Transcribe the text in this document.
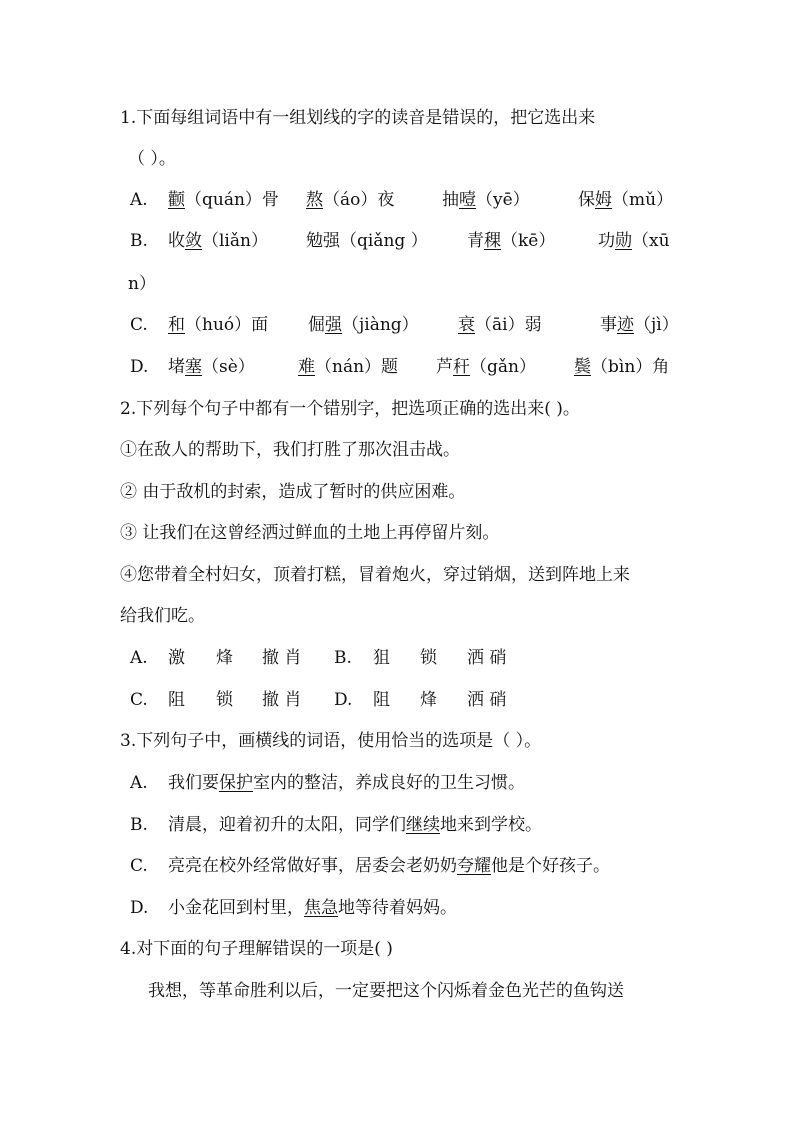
1.下面每组词语中有一组划线的字的读音是错误的，把它选出来
（ ）。
A. 颧（quán）骨 熬（áo）夜	抽噎（yē）	保姆（mǔ）
B. 收敛（liǎn） 勉强（qiǎng ） 青稞（kē）	功勋（xū
n）
C. 和（huó）面 倔强（jiàng） 衰（āi）弱	事迹（jì）
D. 堵塞（sè）	难（nán）题 芦秆（gǎn） 鬓（bìn）角
2.下列每个句子中都有一个错别字，把选项正确的选出来( )。
①在敌人的帮助下，我们打胜了那次沮击战。
② 由于敌机的封索，造成了暂时的供应困难。
③ 让我们在这曾经洒过鲜血的土地上再停留片刻。
④您带着全村妇女，顶着打糕，冒着炮火，穿过销烟，送到阵地上来
给我们吃。
A. 激 烽 撤 肖 B. 狙 锁 洒 硝
C. 阻 锁 撤 肖 D. 阻 烽 洒 硝
3.下列句子中，画横线的词语，使用恰当的选项是（ ）。
A. 我们要保护室内的整洁，养成良好的卫生习惯。
B. 清晨，迎着初升的太阳，同学们继续地来到学校。
C. 亮亮在校外经常做好事，居委会老奶奶夸耀他是个好孩子。
D. 小金花回到村里，焦急地等待着妈妈。
4.对下面的句子理解错误的一项是( )
我想，等革命胜利以后，一定要把这个闪烁着金色光芒的鱼钩送
